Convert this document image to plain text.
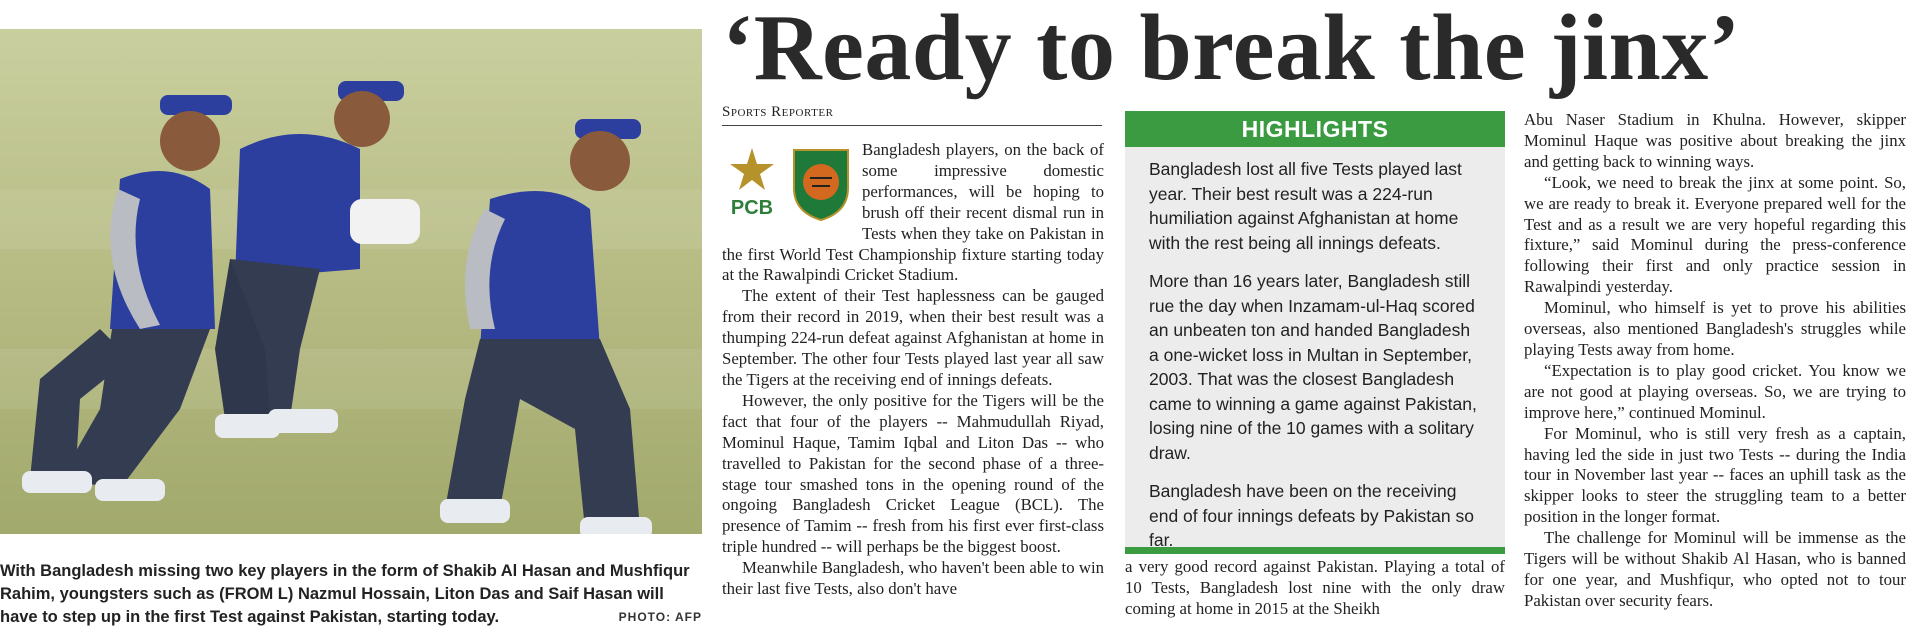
With Bangladesh missing two key players in the form of Shakib Al Hasan and Mushfiqur Rahim, youngsters such as (FROM L) Nazmul Hossain, Liton Das and Saif Hasan will have to step up in the first Test against Pakistan, starting today.	PHOTO: AFP
‘Ready to break the jinx’
Sports Reporter
PCB

Bangladesh players, on the back of some impressive domestic performances, will be hoping to brush off their recent dismal run in Tests when they take on Pakistan in the first World Test Championship fixture starting today at the Rawalpindi Cricket Stadium.

The extent of their Test haplessness can be gauged from their record in 2019, when their best result was a thumping 224-run defeat against Afghanistan at home in September. The other four Tests played last year all saw the Tigers at the receiving end of innings defeats.

However, the only positive for the Tigers will be the fact that four of the players -- Mahmudullah Riyad, Mominul Haque, Tamim Iqbal and Liton Das -- who travelled to Pakistan for the second phase of a three-stage tour smashed tons in the opening round of the ongoing Bangladesh Cricket League (BCL). The presence of Tamim -- fresh from his first ever first-class triple hundred -- will perhaps be the biggest boost.

Meanwhile Bangladesh, who haven't been able to win their last five Tests, also don't have

HIGHLIGHTS

Bangladesh lost all five Tests played last year. Their best result was a 224-run humiliation against Afghanistan at home with the rest being all innings defeats.

More than 16 years later, Bangladesh still rue the day when Inzamam-ul-Haq scored an unbeaten ton and handed Bangladesh a one-wicket loss in Multan in September, 2003. That was the closest Bangladesh came to winning a game against Pakistan, losing nine of the 10 games with a solitary draw.

Bangladesh have been on the receiving end of four innings defeats by Pakistan so far.

a very good record against Pakistan. Playing a total of 10 Tests, Bangladesh lost nine with the only draw coming at home in 2015 at the Sheikh

Abu Naser Stadium in Khulna. However, skipper Mominul Haque was positive about breaking the jinx and getting back to winning ways.

“Look, we need to break the jinx at some point. So, we are ready to break it. Everyone prepared well for the Test and as a result we are very hopeful regarding this fixture,” said Mominul during the press-conference following their first and only practice session in Rawalpindi yesterday.

Mominul, who himself is yet to prove his abilities overseas, also mentioned Bangladesh's struggles while playing Tests away from home.

“Expectation is to play good cricket. You know we are not good at playing overseas. So, we are trying to improve here,” continued Mominul.

For Mominul, who is still very fresh as a captain, having led the side in just two Tests -- during the India tour in November last year -- faces an uphill task as the skipper looks to steer the struggling team to a better position in the longer format.

The challenge for Mominul will be immense as the Tigers will be without Shakib Al Hasan, who is banned for one year, and Mushfiqur, who opted not to tour Pakistan over security fears.
